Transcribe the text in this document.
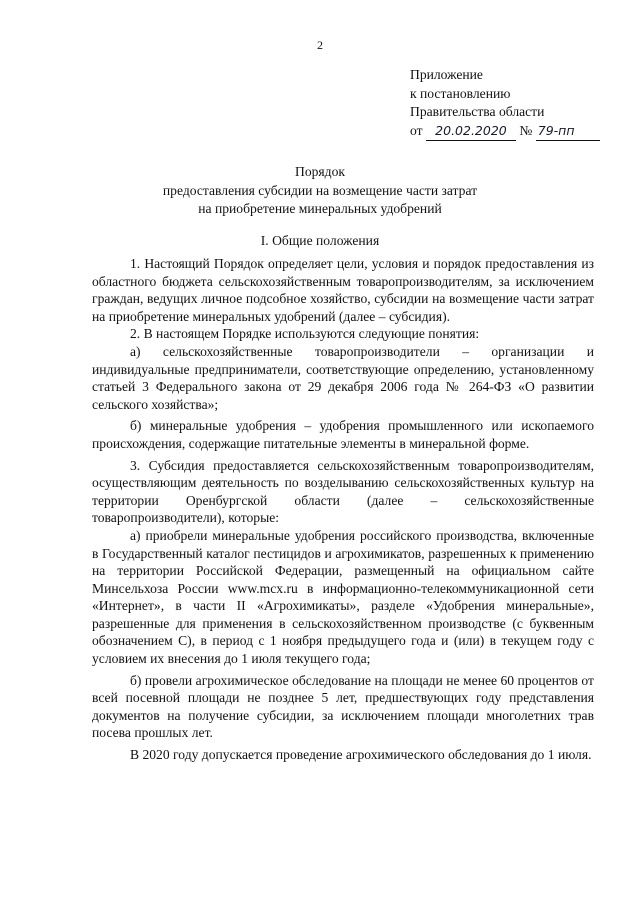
2
Приложение
к постановлению
Правительства области
от 20.02.2020 № 79-пп
Порядок
предоставления субсидии на возмещение части затрат
на приобретение минеральных удобрений
I. Общие положения

1. Настоящий Порядок определяет цели, условия и порядок предоставления из областного бюджета сельскохозяйственным товаропроизводителям, за исключением граждан, ведущих личное подсобное хозяйство, субсидии на возмещение части затрат на приобретение минеральных удобрений (далее – субсидия).

2. В настоящем Порядке используются следующие понятия:

а) сельскохозяйственные товаропроизводители – организации и индивидуальные предприниматели, соответствующие определению, установленному статьей 3 Федерального закона от 29 декабря 2006 года № 264-ФЗ «О развитии сельского хозяйства»;

б) минеральные удобрения – удобрения промышленного или ископаемого происхождения, содержащие питательные элементы в минеральной форме.

3. Субсидия предоставляется сельскохозяйственным товаропроизводителям, осуществляющим деятельность по возделыванию сельскохозяйственных культур на территории Оренбургской области (далее – сельскохозяйственные товаропроизводители), которые:

а) приобрели минеральные удобрения российского производства, включенные в Государственный каталог пестицидов и агрохимикатов, разрешенных к применению на территории Российской Федерации, размещенный на официальном сайте Минсельхоза России www.mcx.ru в информационно-телекоммуникационной сети «Интернет», в части II «Агрохимикаты», разделе «Удобрения минеральные», разрешенные для применения в сельскохозяйственном производстве (с буквенным обозначением С), в период с 1 ноября предыдущего года и (или) в текущем году с условием их внесения до 1 июля текущего года;

б) провели агрохимическое обследование на площади не менее 60 процентов от всей посевной площади не позднее 5 лет, предшествующих году представления документов на получение субсидии, за исключением площади многолетних трав посева прошлых лет.

В 2020 году допускается проведение агрохимического обследования до 1 июля.
